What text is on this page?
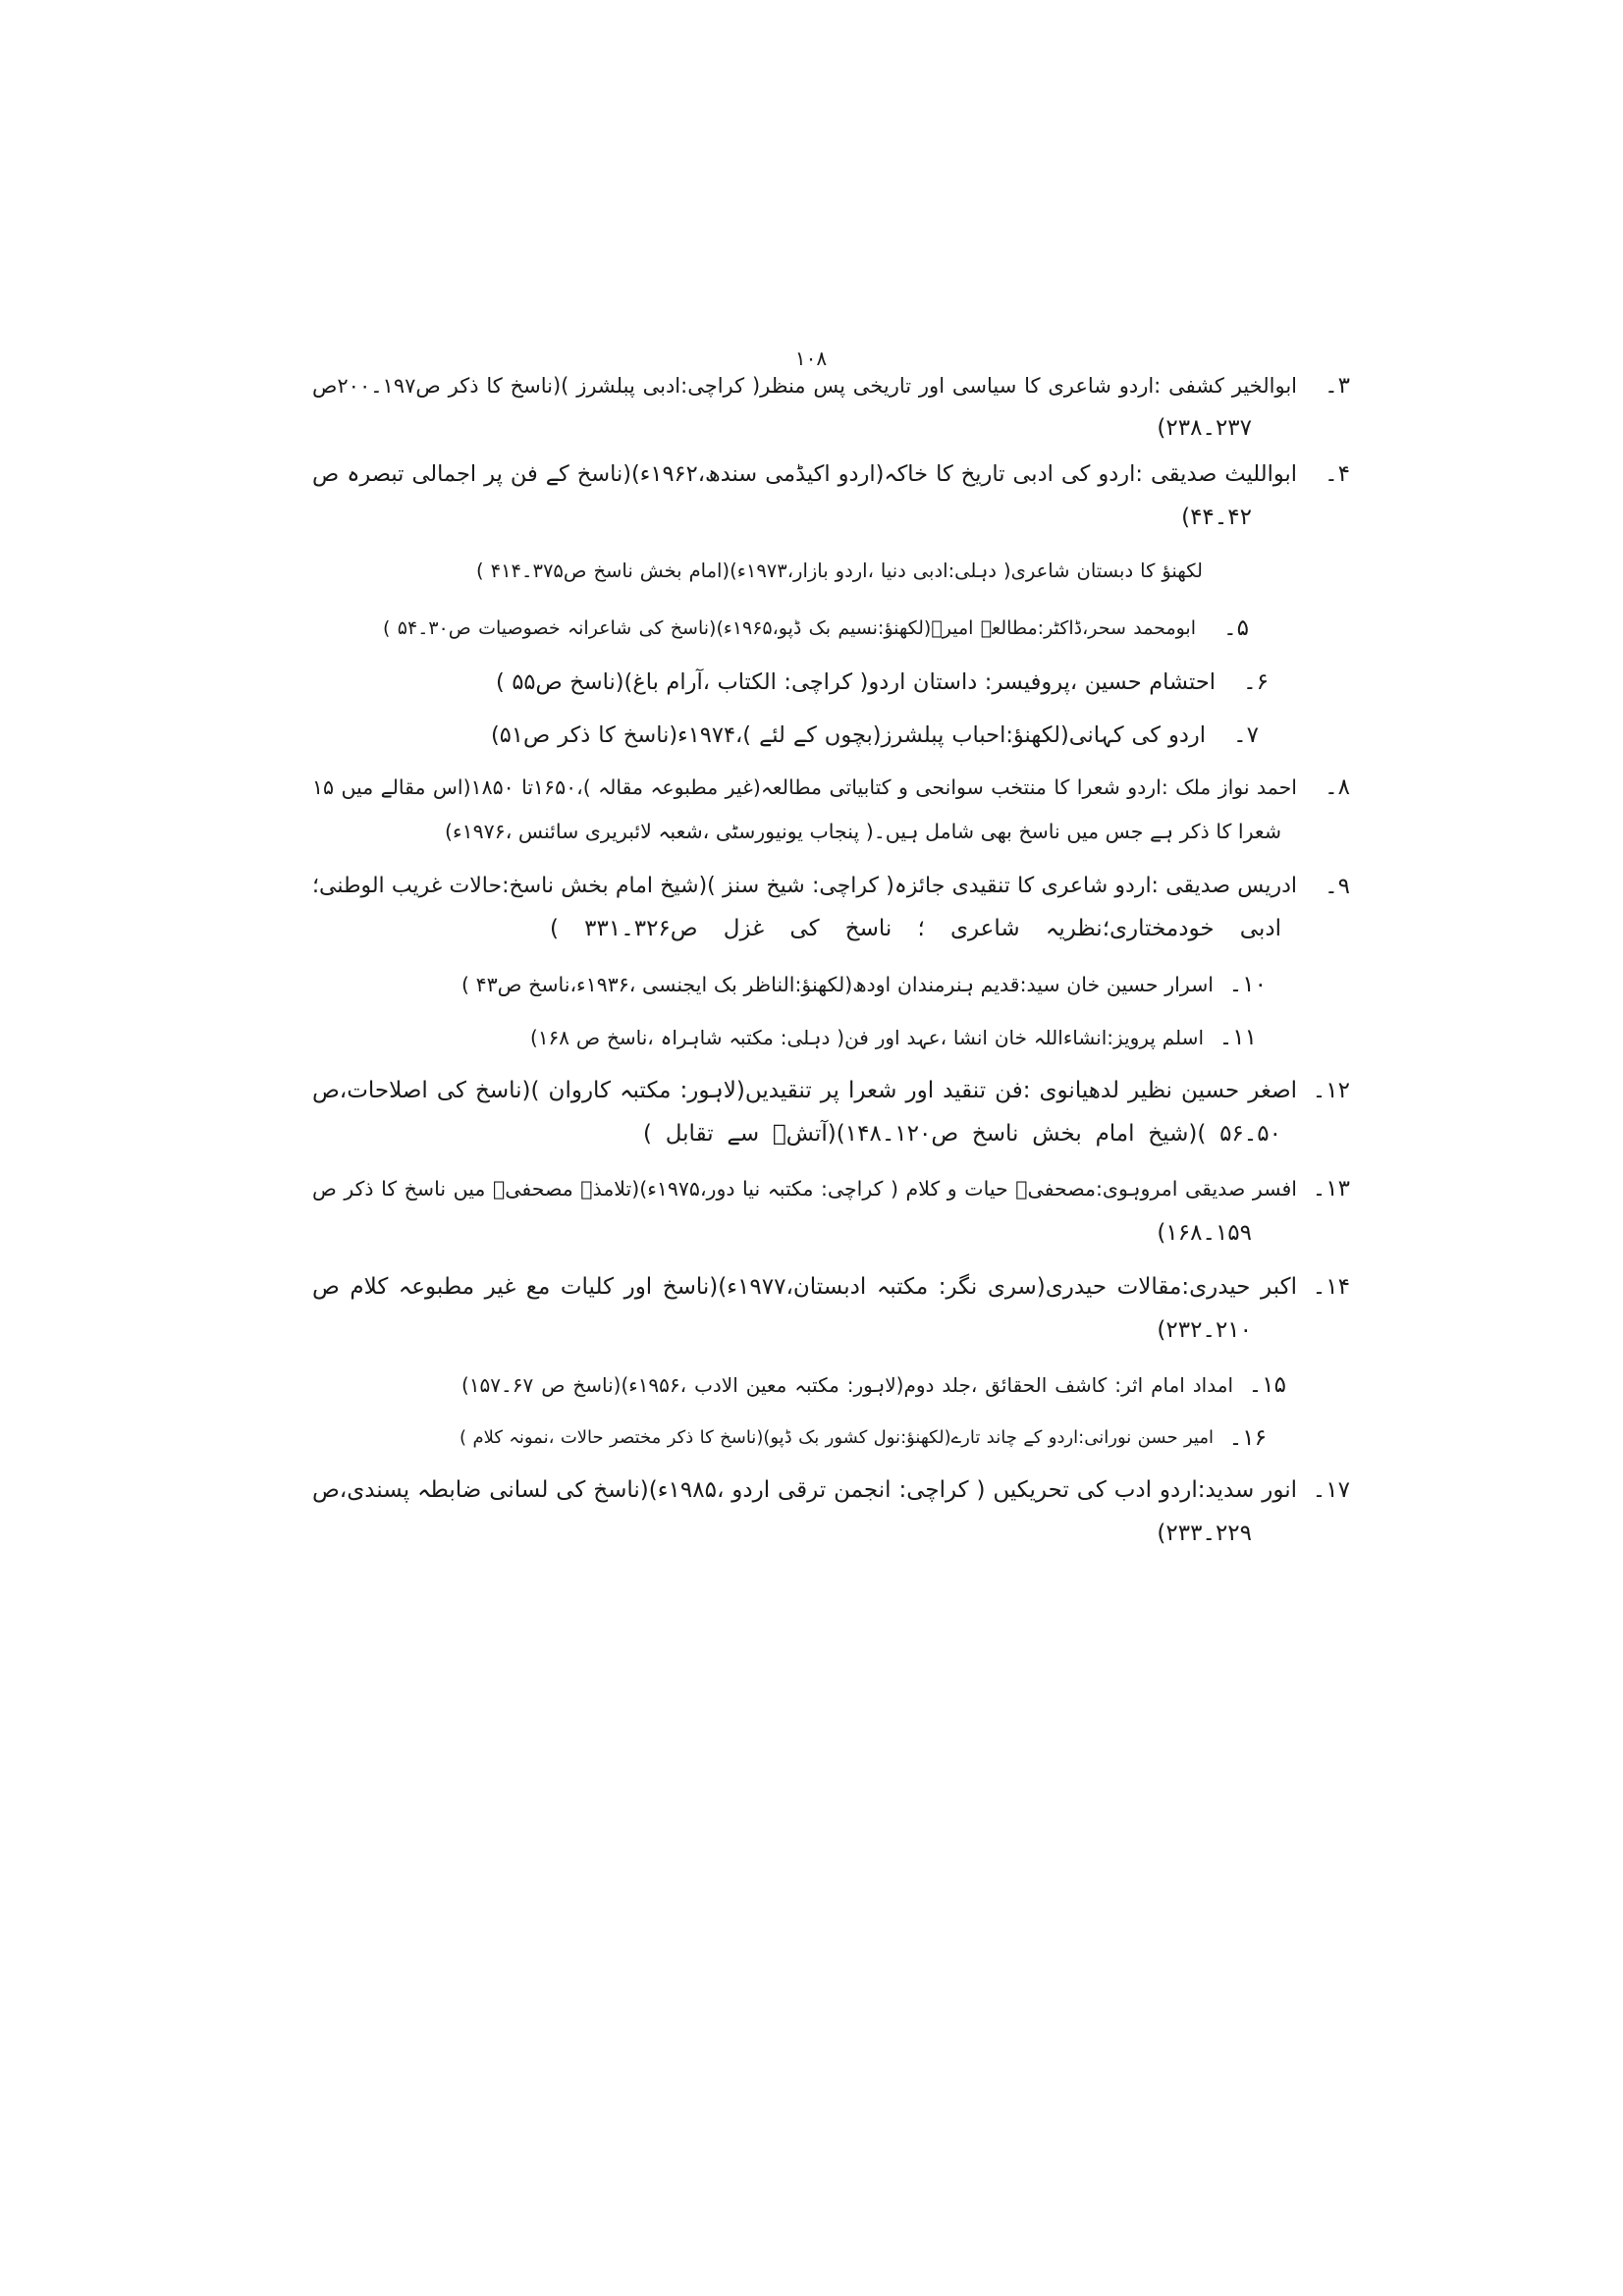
۱۰۸
۳۔
ابوالخیر کشفی :اردو شاعری کا سیاسی اور تاریخی پس منظر( کراچی:ادبی پبلشرز )(ناسخ کا ذکر ص۱۹۷۔۲۰۰ص
۲۳۷۔۲۳۸)
۴۔
ابواللیث صدیقی :اردو کی ادبی تاریخ کا خاکہ(اردو اکیڈمی سندھ،۱۹۶۲ء)(ناسخ کے فن پر اجمالی تبصرہ ص
۴۲۔۴۴)
لکھنؤ کا دبستان شاعری( دہلی:ادبی دنیا ،اردو بازار،۱۹۷۳ء)(امام بخش ناسخ ص۳۷۵۔۴۱۴ )
۵۔
ابومحمد سحر،ڈاکٹر:مطالعہ امیرؔ(لکھنؤ:نسیم بک ڈپو،۱۹۶۵ء)(ناسخ کی شاعرانہ خصوصیات ص۳۰۔۵۴ )
۶۔
احتشام حسین ،پروفیسر: داستان اردو( کراچی: الکتاب ،آرام باغ)(ناسخ ص۵۵ )
۷۔
اردو کی کہانی(لکھنؤ:احباب پبلشرز(بچوں کے لئے )،۱۹۷۴ء(ناسخ کا ذکر ص۵۱)
۸۔
احمد نواز ملک :اردو شعرا کا منتخب سوانحی و کتابیاتی مطالعہ(غیر مطبوعہ مقالہ )،۱۶۵۰تا ۱۸۵۰(اس مقالے میں ۱۵
شعرا کا ذکر ہے جس میں ناسخ بھی شامل ہیں۔( پنجاب یونیورسٹی ،شعبہ لائبریری سائنس ،۱۹۷۶ء)
۹۔
ادریس صدیقی :اردو شاعری کا تنقیدی جائزہ( کراچی: شیخ سنز )(شیخ امام بخش ناسخ:حالات غریب الوطنی؛
ادبی خودمختاری؛نظریہ شاعری ؛ ناسخ کی غزل ص۳۲۶۔۳۳۱ )
۱۰۔
اسرار حسین خان سید:قدیم ہنرمندان اودھ(لکھنؤ:الناظر بک ایجنسی ،۱۹۳۶ء،ناسخ ص۴۳ )
۱۱۔
اسلم پرویز:انشاءاللہ خان انشا ،عہد اور فن( دہلی: مکتبہ شاہراہ ،ناسخ ص ۱۶۸)
۱۲۔
اصغر حسین نظیر لدھیانوی :فن تنقید اور شعرا پر تنقیدیں(لاہور: مکتبہ کاروان )(ناسخ کی اصلاحات،ص
۵۰۔۵۶ )(شیخ امام بخش ناسخ ص۱۲۰۔۱۴۸)(آتشؔ سے تقابل )
۱۳۔
افسر صدیقی امروہوی:مصحفیؔ حیات و کلام ( کراچی: مکتبہ نیا دور،۱۹۷۵ء)(تلامذہ مصحفیؔ میں ناسخ کا ذکر ص
۱۵۹۔۱۶۸)
۱۴۔
اکبر حیدری:مقالات حیدری(سری نگر: مکتبہ ادبستان،۱۹۷۷ء)(ناسخ اور کلیات مع غیر مطبوعہ کلام ص
۲۱۰۔۲۳۲)
۱۵۔
امداد امام اثر: کاشف الحقائق ،جلد دوم(لاہور: مکتبہ معین الادب ،۱۹۵۶ء)(ناسخ ص ۶۷۔۱۵۷)
۱۶۔
امیر حسن نورانی:اردو کے چاند تارے(لکھنؤ:نول کشور بک ڈپو)(ناسخ کا ذکر مختصر حالات ،نمونہ کلام )
۱۷۔
انور سدید:اردو ادب کی تحریکیں ( کراچی: انجمن ترقی اردو ،۱۹۸۵ء)(ناسخ کی لسانی ضابطہ پسندی،ص
۲۲۹۔۲۳۳)
